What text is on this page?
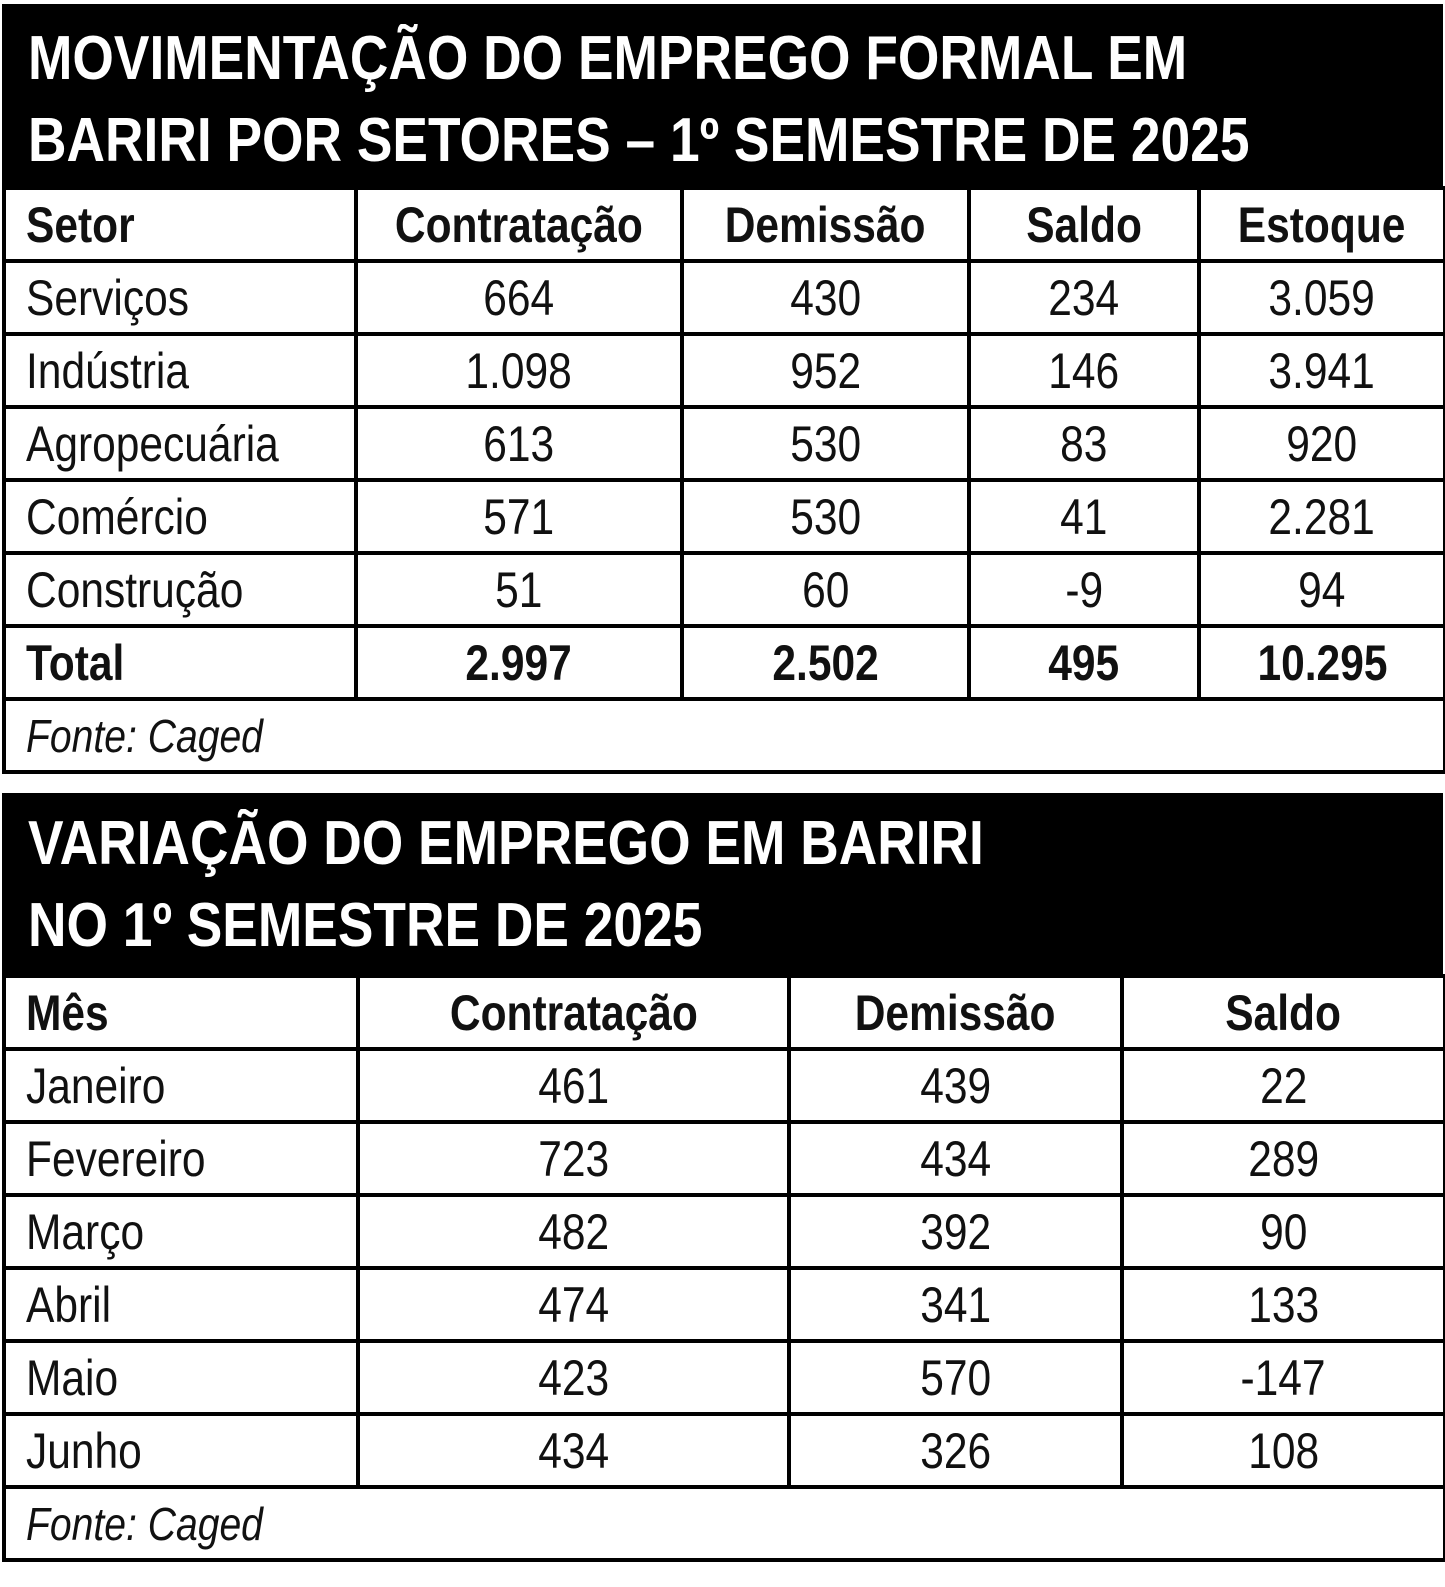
MOVIMENTAÇÃO DO EMPREGO FORMAL EM
BARIRI POR SETORES – 1º SEMESTRE DE 2025
Setor	Contratação	Demissão	Saldo	Estoque
Serviços	664	430	234	3.059
Indústria	1.098	952	146	3.941
Agropecuária	613	530	83	920
Comércio	571	530	41	2.281
Construção	51	60	-9	94
Total	2.997	2.502	495	10.295
Fonte: Caged				
VARIAÇÃO DO EMPREGO EM BARIRI
NO 1º SEMESTRE DE 2025
Mês	Contratação	Demissão	Saldo
Janeiro	461	439	22
Fevereiro	723	434	289
Março	482	392	90
Abril	474	341	133
Maio	423	570	-147
Junho	434	326	108
Fonte: Caged			
